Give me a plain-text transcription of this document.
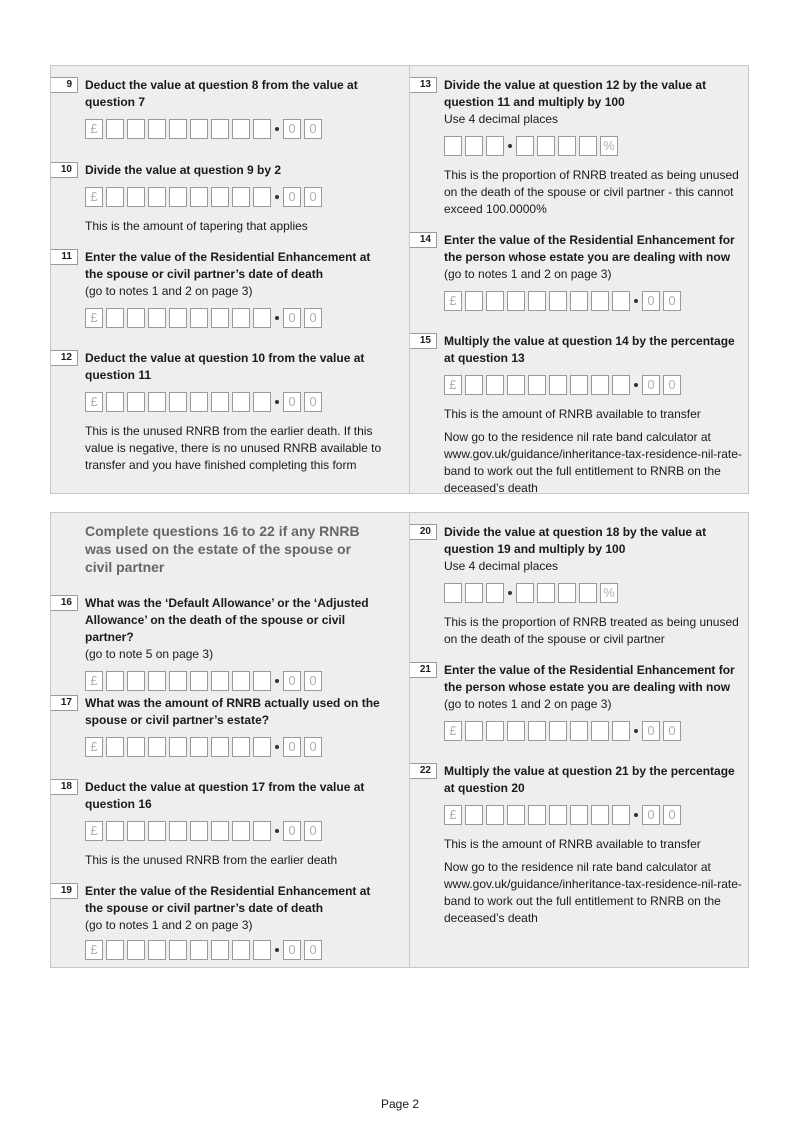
9	Deduct the value at question 8 from the value at question 7

£	0	0
10	Divide the value at question 9 by 2

£	0	0

This is the amount of tapering that applies

11	Enter the value of the Residential Enhancement at the spouse or civil partner’s date of death

(go to notes 1 and 2 on page 3)

£	0	0
12	Deduct the value at question 10 from the value at question 11

£	0	0

This is the unused RNRB from the earlier death. If this value is negative, there is no unused RNRB available to transfer and you have finished completing this form

13	Divide the value at question 12 by the value at question 11 and multiply by 100

Use 4 decimal places

%

This is the proportion of RNRB treated as being unused on the death of the spouse or civil partner - this cannot exceed 100.0000%

14	Enter the value of the Residential Enhancement for the person whose estate you are dealing with now

(go to notes 1 and 2 on page 3)

£	0	0
15	Multiply the value at question 14 by the percentage at question 13

£	0	0

This is the amount of RNRB available to transfer

Now go to the residence nil rate band calculator at www.gov.uk/guidance/inheritance-tax-residence-nil-rate-band to work out the full entitlement to RNRB on the deceased’s death

Complete questions 16 to 22 if any RNRB was used on the estate of the spouse or civil partner
16	What was the ‘Default Allowance’ or the ‘Adjusted Allowance’ on the death of the spouse or civil partner?

(go to note 5 on page 3)

£	0	0
17	What was the amount of RNRB actually used on the spouse or civil partner’s estate?

£	0	0
18	Deduct the value at question 17 from the value at question 16

£	0	0

This is the unused RNRB from the earlier death

19	Enter the value of the Residential Enhancement at the spouse or civil partner’s date of death

(go to notes 1 and 2 on page 3)

£	0	0
20	Divide the value at question 18 by the value at question 19 and multiply by 100

Use 4 decimal places

%

This is the proportion of RNRB treated as being unused on the death of the spouse or civil partner

21	Enter the value of the Residential Enhancement for the person whose estate you are dealing with now

(go to notes 1 and 2 on page 3)

£	0	0
22	Multiply the value at question 21 by the percentage at question 20

£	0	0

This is the amount of RNRB available to transfer

Now go to the residence nil rate band calculator at www.gov.uk/guidance/inheritance-tax-residence-nil-rate-band to work out the full entitlement to RNRB on the deceased’s death

Page 2
